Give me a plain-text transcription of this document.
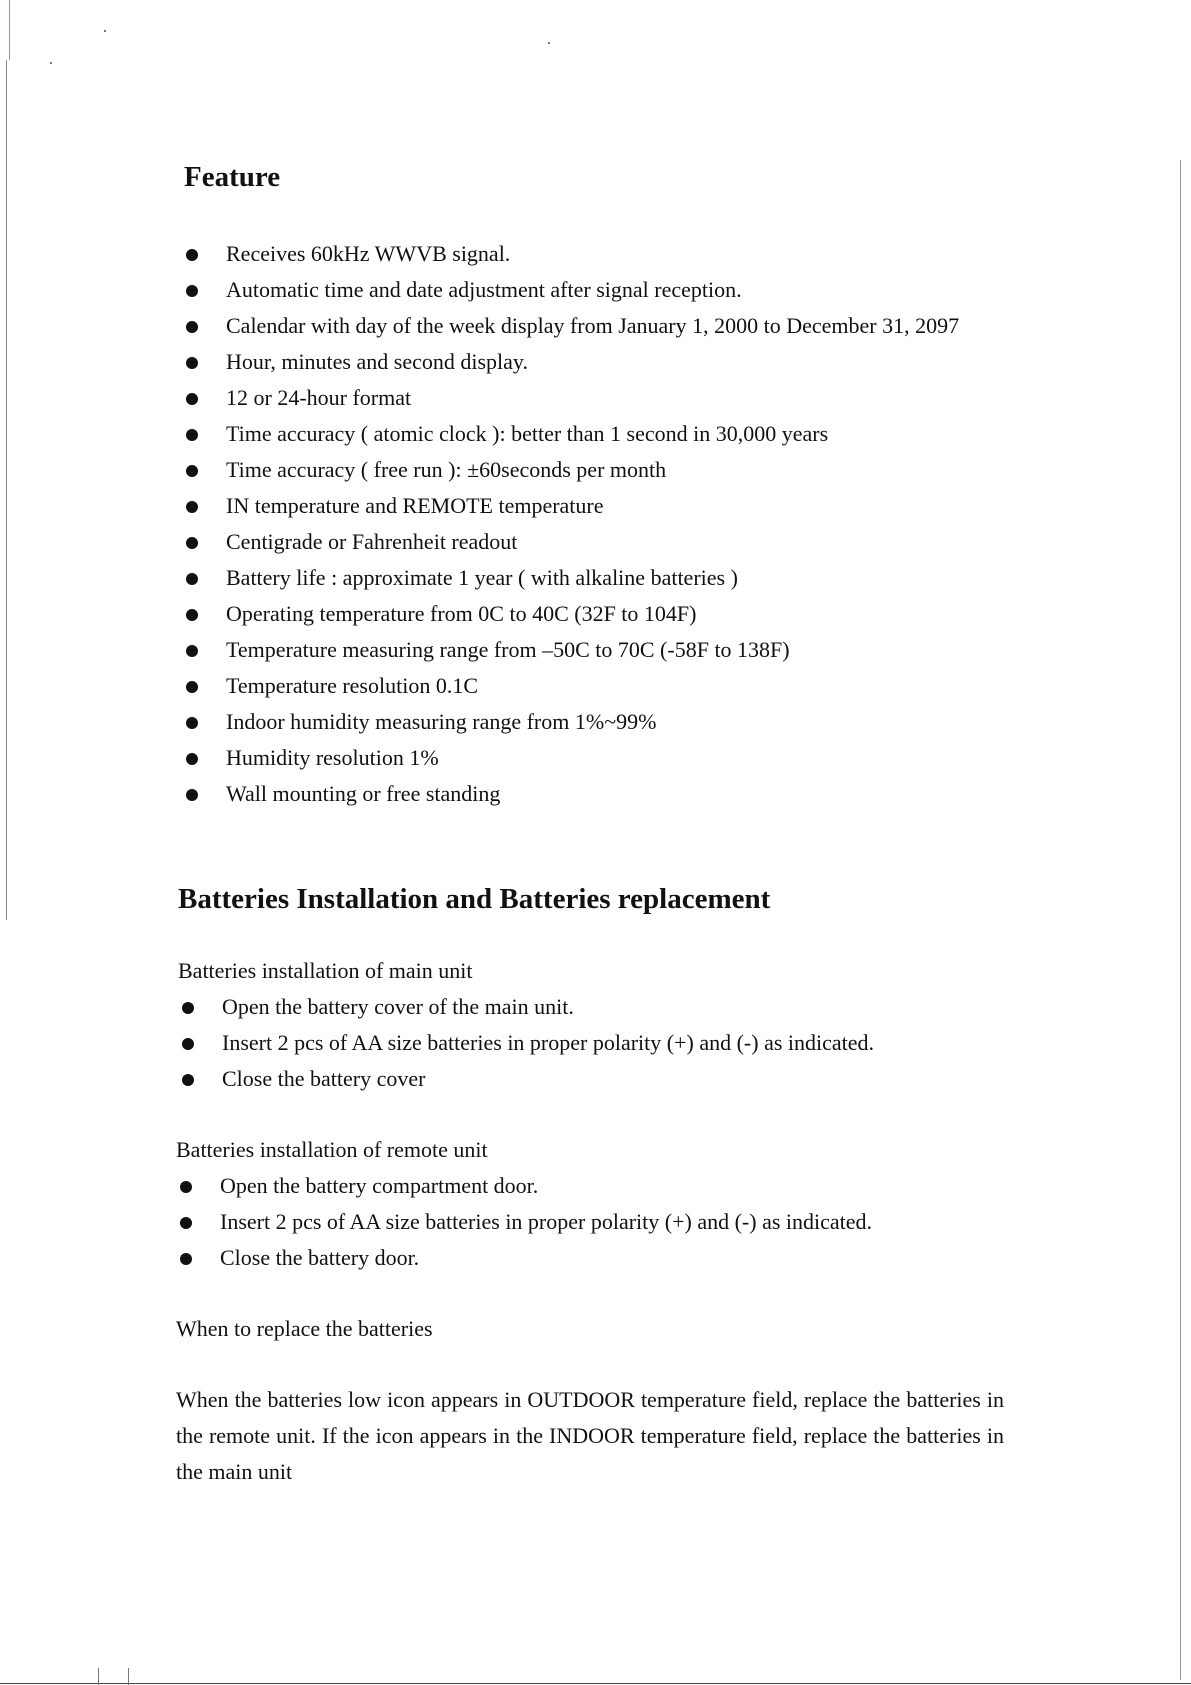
Feature
Receives 60kHz WWVB signal.
Automatic time and date adjustment after signal reception.
Calendar with day of the week display from January 1, 2000 to December 31, 2097
Hour, minutes and second display.
12 or 24-hour format
Time accuracy ( atomic clock ): better than 1 second in 30,000 years
Time accuracy ( free run ): ±60seconds per month
IN temperature and REMOTE temperature
Centigrade or Fahrenheit readout
Battery life : approximate 1 year ( with alkaline batteries )
Operating temperature from 0C to 40C (32F to 104F)
Temperature measuring range from –50C to 70C (-58F to 138F)
Temperature resolution 0.1C
Indoor humidity measuring range from 1%~99%
Humidity resolution 1%
Wall mounting or free standing
Batteries Installation and Batteries replacement

Batteries installation of main unit

Open the battery cover of the main unit.
Insert 2 pcs of AA size batteries in proper polarity (+) and (-) as indicated.
Close the battery cover

Batteries installation of remote unit

Open the battery compartment door.
Insert 2 pcs of AA size batteries in proper polarity (+) and (-) as indicated.
Close the battery door.

When to replace the batteries

When the batteries low icon appears in OUTDOOR temperature field, replace the batteries in the remote unit. If the icon appears in the INDOOR temperature field, replace the batteries in the main unit
